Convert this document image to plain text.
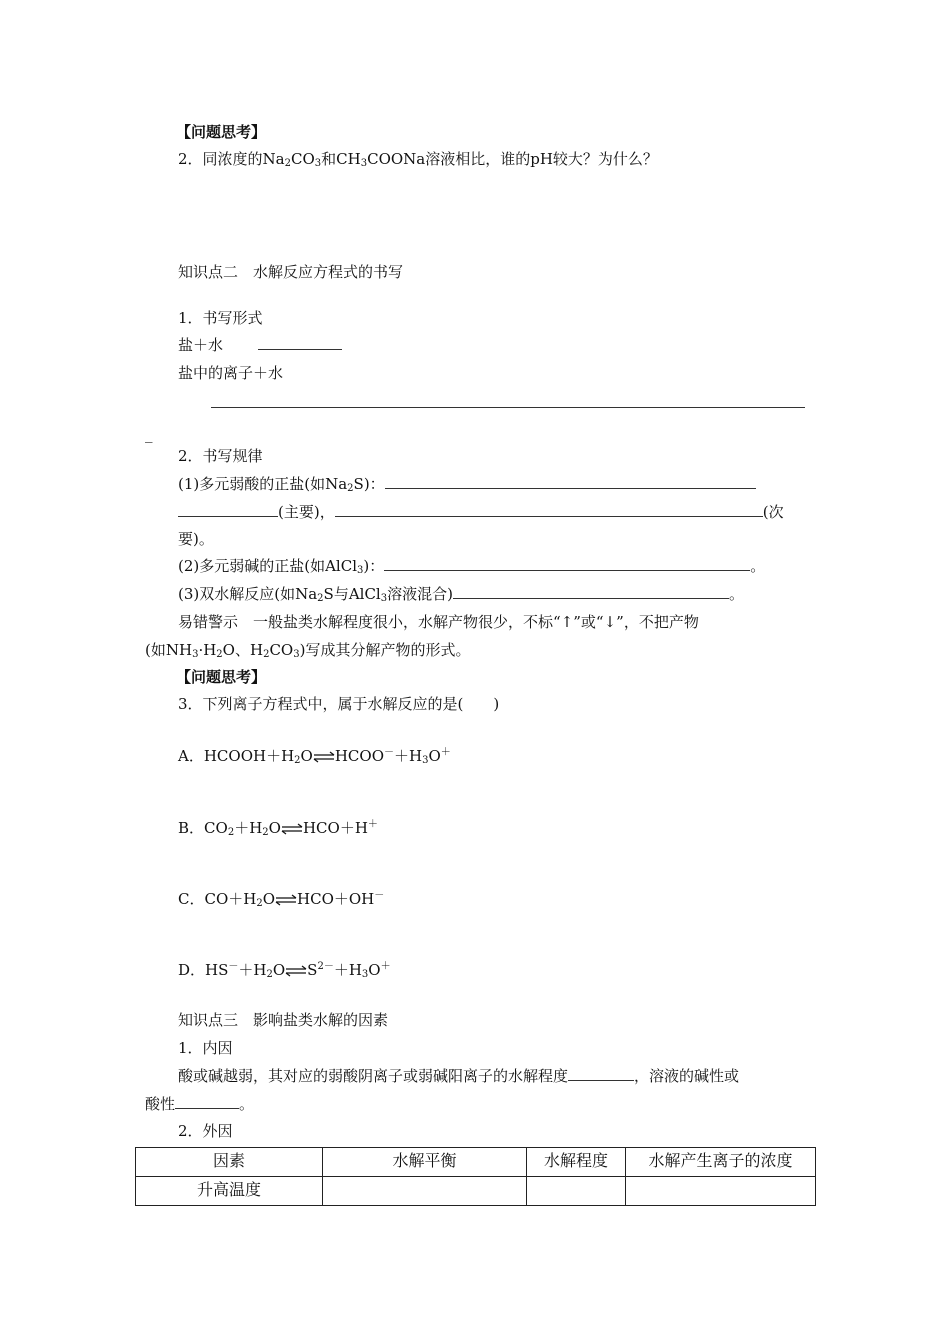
【问题思考】
2．同浓度的$Na_2CO_3$和$CH_3COONa$溶液相比，谁的pH较大？为什么？
知识点二　水解反应方程式的书写
1．书写形式
盐＋水
盐中的离子＋水
_
2．书写规律
(1)多元弱酸的正盐(如$Na_2S$)：
(主要)，	(次
要)。
(2)多元弱碱的正盐(如AlCl$_3$)：	。
(3)双水解反应(如$Na_2S$与AlCl$_3$溶液混合)	。
易错警示　一般盐类水解程度很小，水解产物很少，不标“↑”或“↓”，不把产物
(如$NH_3\cdot H_2O$、$H_2CO_3$)写成其分解产物的形式。
【问题思考】
3．下列离子方程式中，属于水解反应的是(　　)
A．$HCOOH+H_2O\rightleftharpoons HCOO^-+H_3O^+$
B．$CO_2+H_2O\rightleftharpoons HCO+H^+$
C．$CO+H_2O\rightleftharpoons HCO+OH^-$
D．$HS^-+H_2O\rightleftharpoons S^{2-}+H_3O^+$
知识点三　影响盐类水解的因素
1．内因
酸或碱越弱，其对应的弱酸阴离子或弱碱阳离子的水解程度	，溶液的碱性或
酸性	。
2．外因
因素	水解平衡	水解程度	水解产生离子的浓度
升高温度			
